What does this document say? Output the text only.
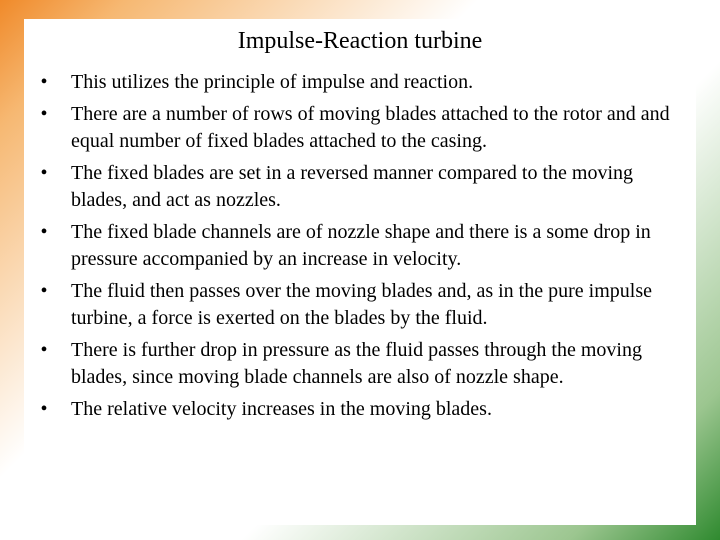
Impulse-Reaction turbine
•	This utilizes the principle of impulse and reaction.
•	There are a number of rows of moving blades attached to the rotor and and equal number of fixed blades attached to the casing.
•	The fixed blades are set in a reversed manner compared to the moving blades, and act as nozzles.
•	The fixed blade channels are of nozzle shape and there is a some drop in pressure accompanied by an increase in velocity.
•	The fluid then passes over the moving blades and, as in the pure impulse turbine, a force is exerted on the blades by the fluid.
•	There is further drop in pressure as the fluid passes through the moving blades, since moving blade channels are also of nozzle shape.
•	The relative velocity increases in the moving blades.
